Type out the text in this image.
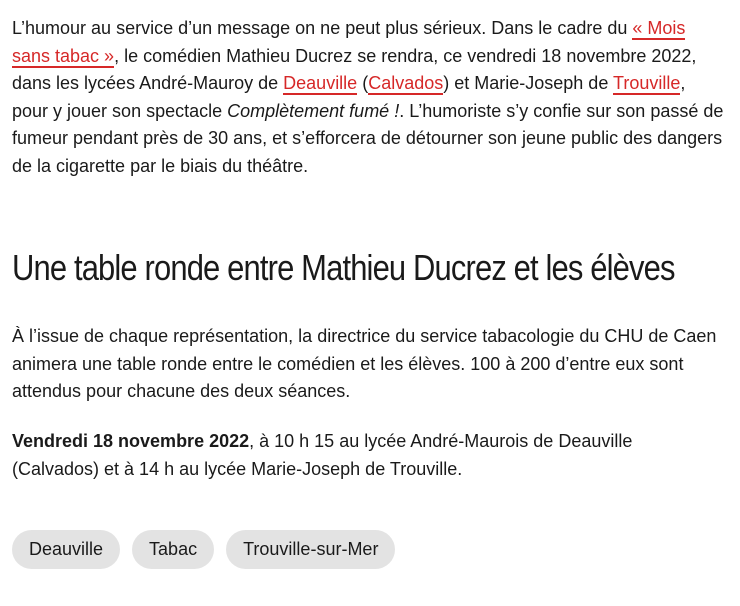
L’humour au service d’un message on ne peut plus sérieux. Dans le cadre du « Mois sans tabac », le comédien Mathieu Ducrez se rendra, ce vendredi 18 novembre 2022, dans les lycées André-Mauroy de Deauville (Calvados) et Marie-Joseph de Trouville, pour y jouer son spectacle Complètement fumé !. L’humoriste s’y confie sur son passé de fumeur pendant près de 30 ans, et s’efforcera de détourner son jeune public des dangers de la cigarette par le biais du théâtre.

Une table ronde entre Mathieu Ducrez et les élèves

À l’issue de chaque représentation, la directrice du service tabacologie du CHU de Caen animera une table ronde entre le comédien et les élèves. 100 à 200 d’entre eux sont attendus pour chacune des deux séances.

Vendredi 18 novembre 2022, à 10 h 15 au lycée André-Maurois de Deauville (Calvados) et à 14 h au lycée Marie-Joseph de Trouville.

Deauville	Tabac	Trouville-sur-Mer
